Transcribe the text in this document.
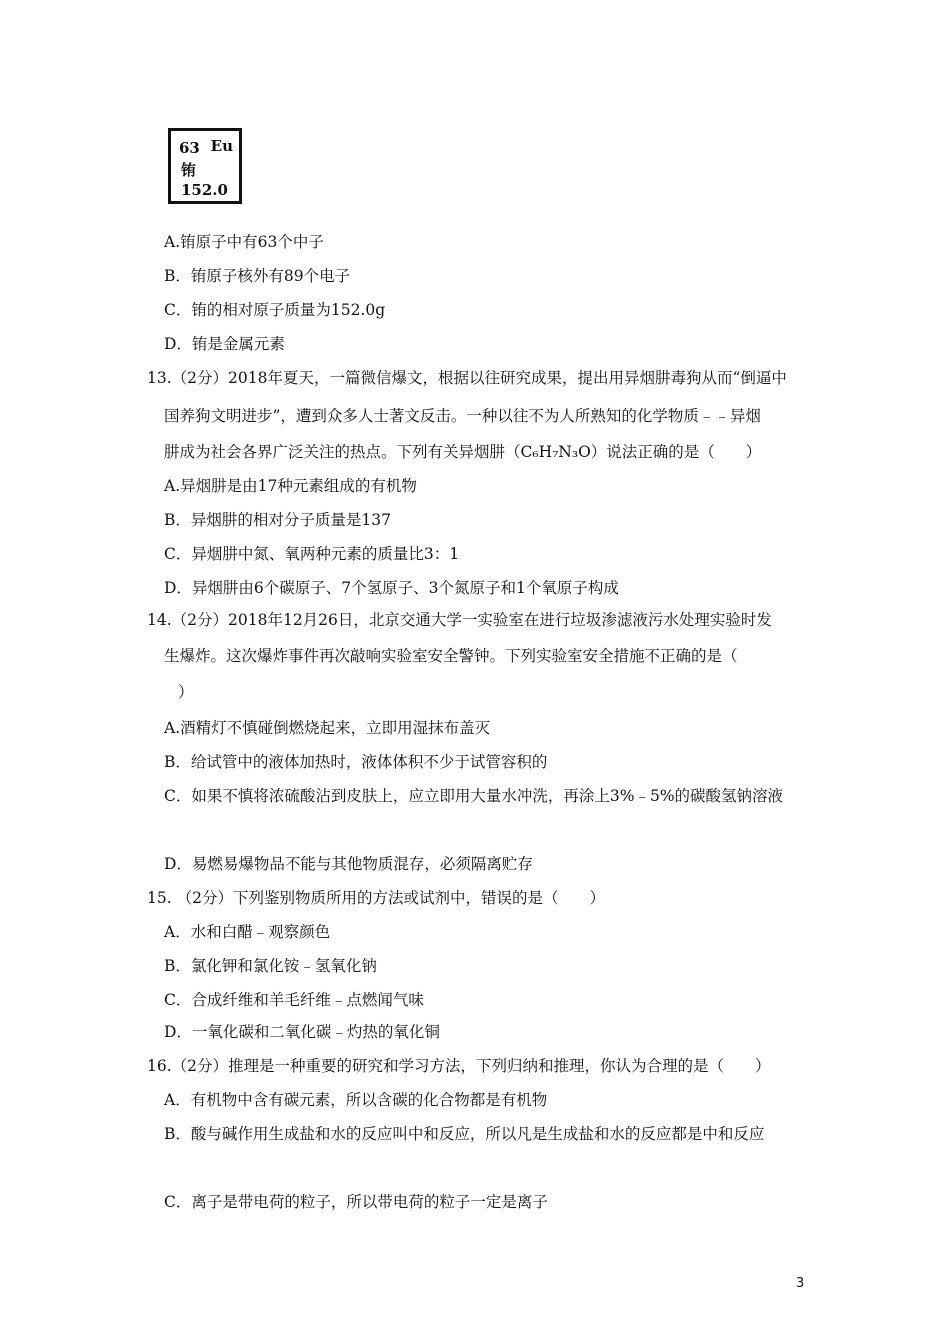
63 Eu
铕
152.0
A.铕原子中有63个中子
B．铕原子核外有89个电子
C．铕的相对原子质量为152.0g
D．铕是金属元素
13.（2分）2018年夏天，一篇微信爆文，根据以往研究成果，提出用异烟肼毒狗从而“倒逼中
国养狗文明进步”，遭到众多人士著文反击。一种以往不为人所熟知的化学物质﹣﹣异烟
肼成为社会各界广泛关注的热点。下列有关异烟肼（C₆H₇N₃O）说法正确的是（　　）
A.异烟肼是由17种元素组成的有机物
B．异烟肼的相对分子质量是137
C．异烟肼中氮、氧两种元素的质量比3：1
D．异烟肼由6个碳原子、7个氢原子、3个氮原子和1个氧原子构成
14.（2分）2018年12月26日，北京交通大学一实验室在进行垃圾渗滤液污水处理实验时发
生爆炸。这次爆炸事件再次敲响实验室安全警钟。下列实验室安全措施不正确的是（
）
A.酒精灯不慎碰倒燃烧起来，立即用湿抹布盖灭
B．给试管中的液体加热时，液体体积不少于试管容积的
C．如果不慎将浓硫酸沾到皮肤上，应立即用大量水冲洗，再涂上3%﹣5%的碳酸氢钠溶液
D．易燃易爆物品不能与其他物质混存，必须隔离贮存
15. （2分）下列鉴别物质所用的方法或试剂中，错误的是（　　）
A．水和白醋﹣观察颜色
B．氯化钾和氯化铵﹣氢氧化钠
C．合成纤维和羊毛纤维﹣点燃闻气味
D．一氧化碳和二氧化碳﹣灼热的氧化铜
16.（2分）推理是一种重要的研究和学习方法，下列归纳和推理，你认为合理的是（　　）
A．有机物中含有碳元素，所以含碳的化合物都是有机物
B．酸与碱作用生成盐和水的反应叫中和反应，所以凡是生成盐和水的反应都是中和反应
C．离子是带电荷的粒子，所以带电荷的粒子一定是离子
3
